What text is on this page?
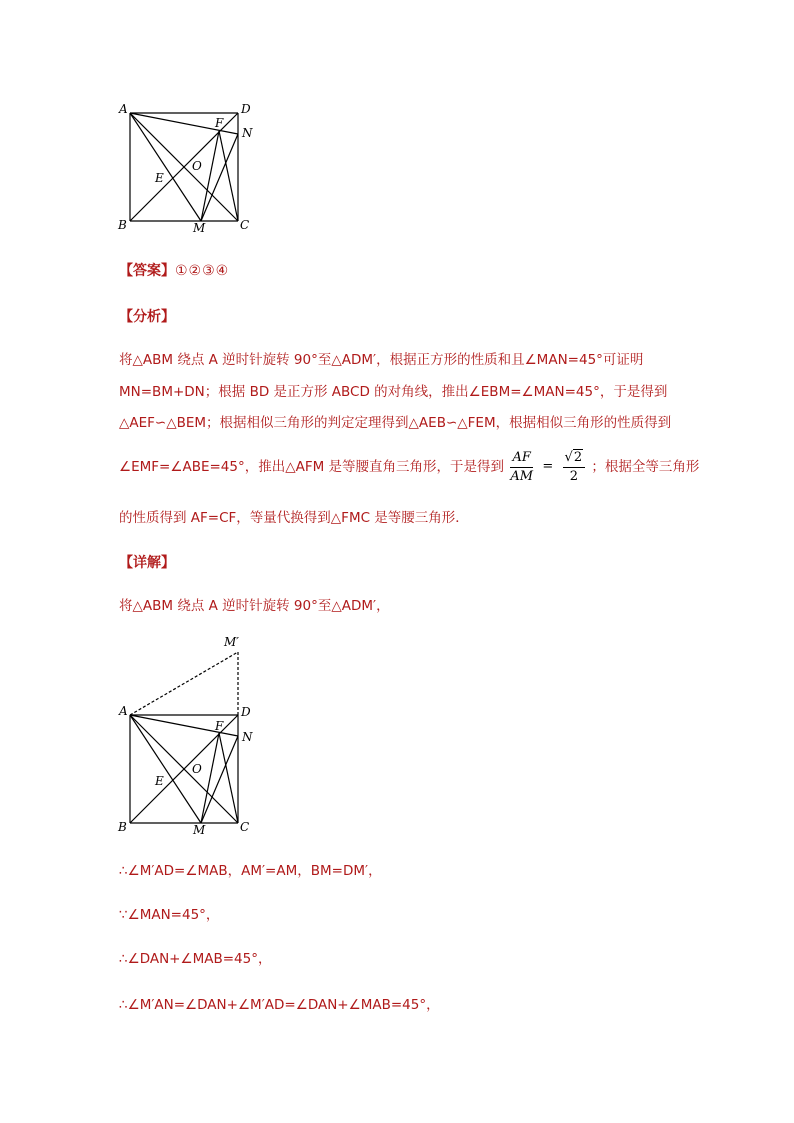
A	D
N
F
O
E
B	M	C
【答案】①②③④
【分析】
将△ABM 绕点 A 逆时针旋转 90°至△ADM′，根据正方形的性质和且∠MAN=45°可证明
MN=BM+DN；根据 BD 是正方形 ABCD 的对角线，推出∠EBM=∠MAN=45°，于是得到
△AEF∽△BEM；根据相似三角形的判定定理得到△AEB∽△FEM，根据相似三角形的性质得到
∠EMF=∠ABE=45°，推出△AFM 是等腰直角三角形，于是得到 $\frac{AF}{AM} = \frac{√2}{2}$ ；根据全等三角形
的性质得到 AF=CF，等量代换得到△FMC 是等腰三角形．
【详解】
将△ABM 绕点 A 逆时针旋转 90°至△ADM′，
M′
A	D
N
F
O
E
B	M	C
∴∠M′AD=∠MAB，AM′=AM，BM=DM′，
∵∠MAN=45°，
∴∠DAN+∠MAB=45°，
∴∠M′AN=∠DAN+∠M′AD=∠DAN+∠MAB=45°，
